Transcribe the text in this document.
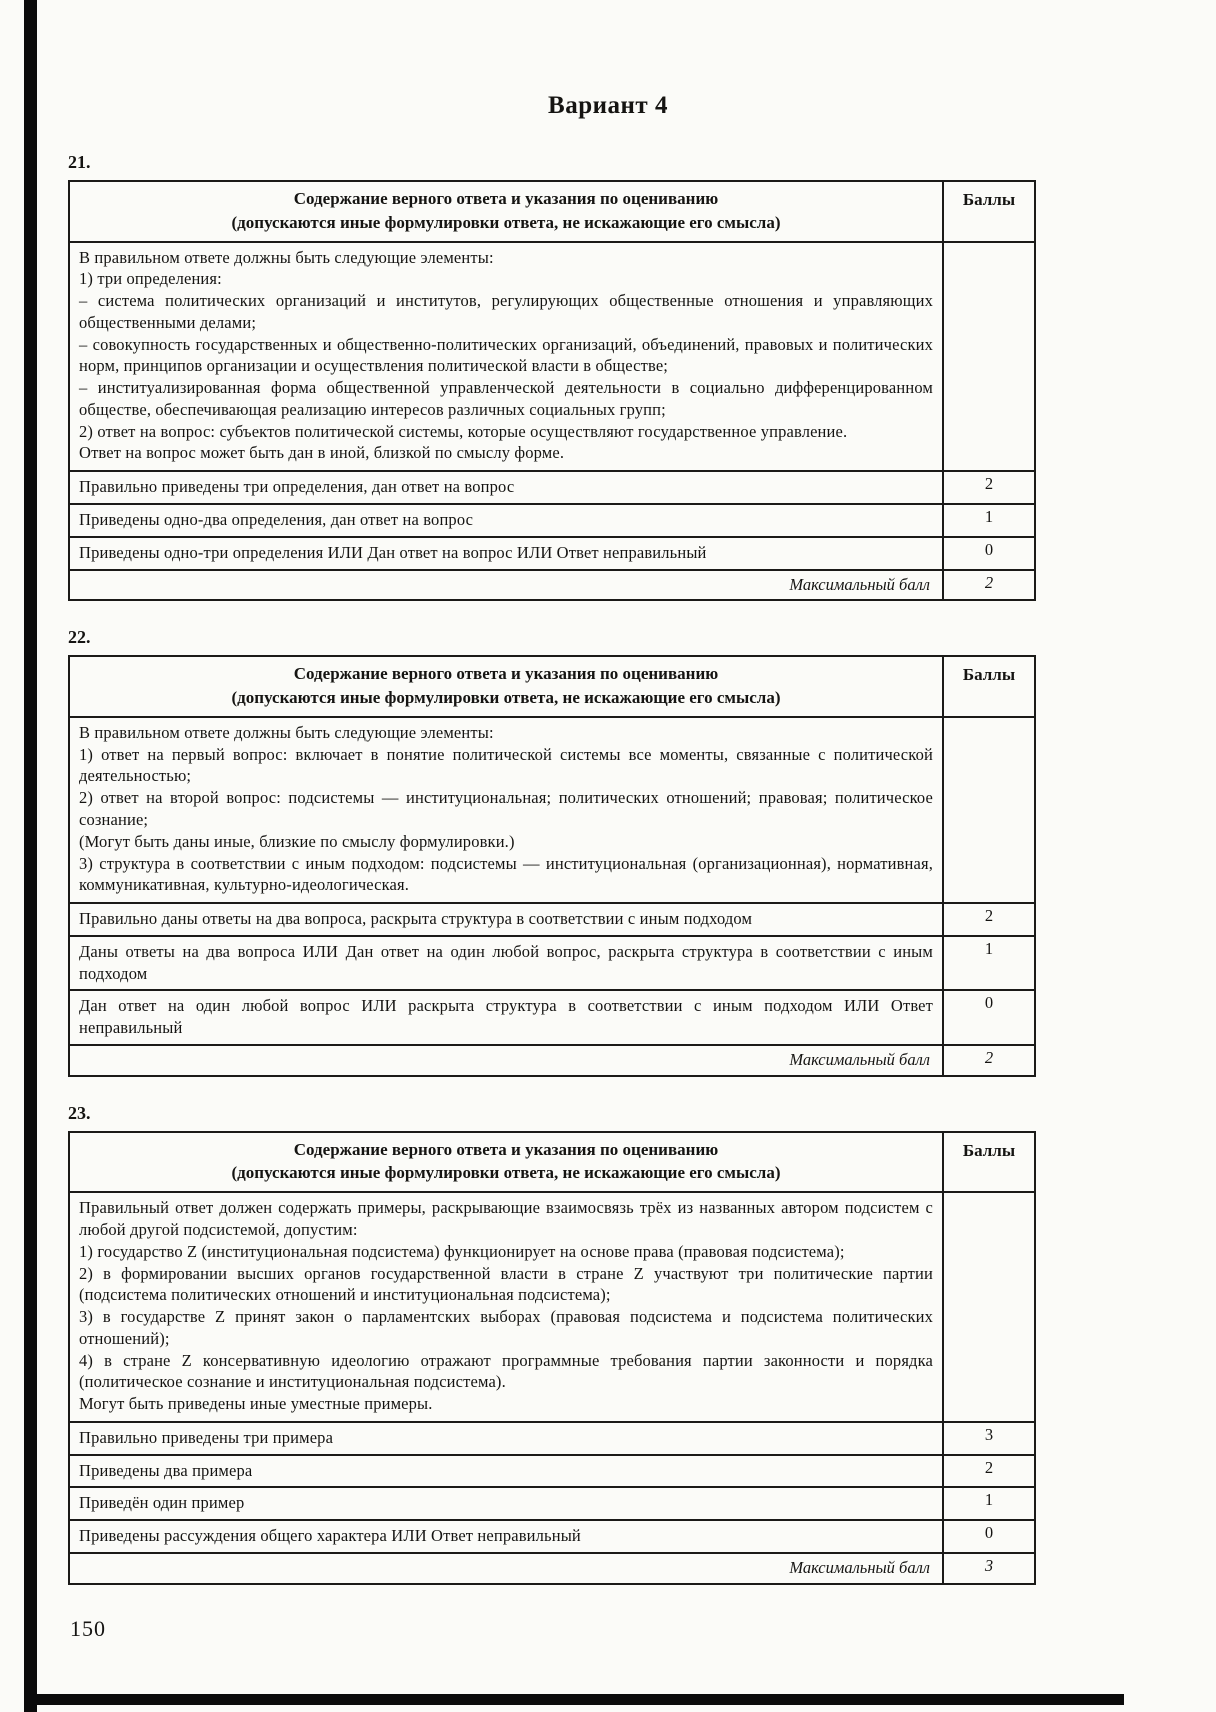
Вариант 4
21.
Содержание верного ответа и указания по оцениванию
(допускаются иные формулировки ответа, не искажающие его смысла)	Баллы

В правильном ответе должны быть следующие элементы:

1) три определения:

– система политических организаций и институтов, регулирующих общественные отношения и управляющих общественными делами;

– совокупность государственных и общественно-политических организаций, объединений, правовых и политических норм, принципов организации и осуществления политической власти в обществе;

– институализированная форма общественной управленческой деятельности в социально дифференцированном обществе, обеспечивающая реализацию интересов различных социальных групп;

2) ответ на вопрос: субъектов политической системы, которые осуществляют государственное управление.

Ответ на вопрос может быть дан в иной, близкой по смыслу форме.

Правильно приведены три определения, дан ответ на вопрос	2
Приведены одно-два определения, дан ответ на вопрос	1
Приведены одно-три определения ИЛИ Дан ответ на вопрос ИЛИ Ответ неправильный	0
Максимальный балл	2
22.
Содержание верного ответа и указания по оцениванию
(допускаются иные формулировки ответа, не искажающие его смысла)	Баллы

В правильном ответе должны быть следующие элементы:

1) ответ на первый вопрос: включает в понятие политической системы все моменты, связанные с политической деятельностью;

2) ответ на второй вопрос: подсистемы — институциональная; политических отношений; правовая; политическое сознание;

(Могут быть даны иные, близкие по смыслу формулировки.)

3) структура в соответствии с иным подходом: подсистемы — институциональная (организационная), нормативная, коммуникативная, культурно-идеологическая.	

Правильно даны ответы на два вопроса, раскрыта структура в соответствии с иным подходом	2
Даны ответы на два вопроса ИЛИ Дан ответ на один любой вопрос, раскрыта структура в соответствии с иным подходом	1
Дан ответ на один любой вопрос ИЛИ раскрыта структура в соответствии с иным подходом ИЛИ Ответ неправильный	0
Максимальный балл	2
23.
Содержание верного ответа и указания по оцениванию
(допускаются иные формулировки ответа, не искажающие его смысла)	Баллы

Правильный ответ должен содержать примеры, раскрывающие взаимосвязь трёх из названных автором подсистем с любой другой подсистемой, допустим:

1) государство Z (институциональная подсистема) функционирует на основе права (правовая подсистема);

2) в формировании высших органов государственной власти в стране Z участвуют три политические партии (подсистема политических отношений и институциональная подсистема);

3) в государстве Z принят закон о парламентских выборах (правовая подсистема и подсистема политических отношений);

4) в стране Z консервативную идеологию отражают программные требования партии законности и порядка (политическое сознание и институциональная подсистема).

Могут быть приведены иные уместные примеры.

Правильно приведены три примера	3
Приведены два примера	2
Приведён один пример	1
Приведены рассуждения общего характера ИЛИ Ответ неправильный	0
Максимальный балл	3
150
